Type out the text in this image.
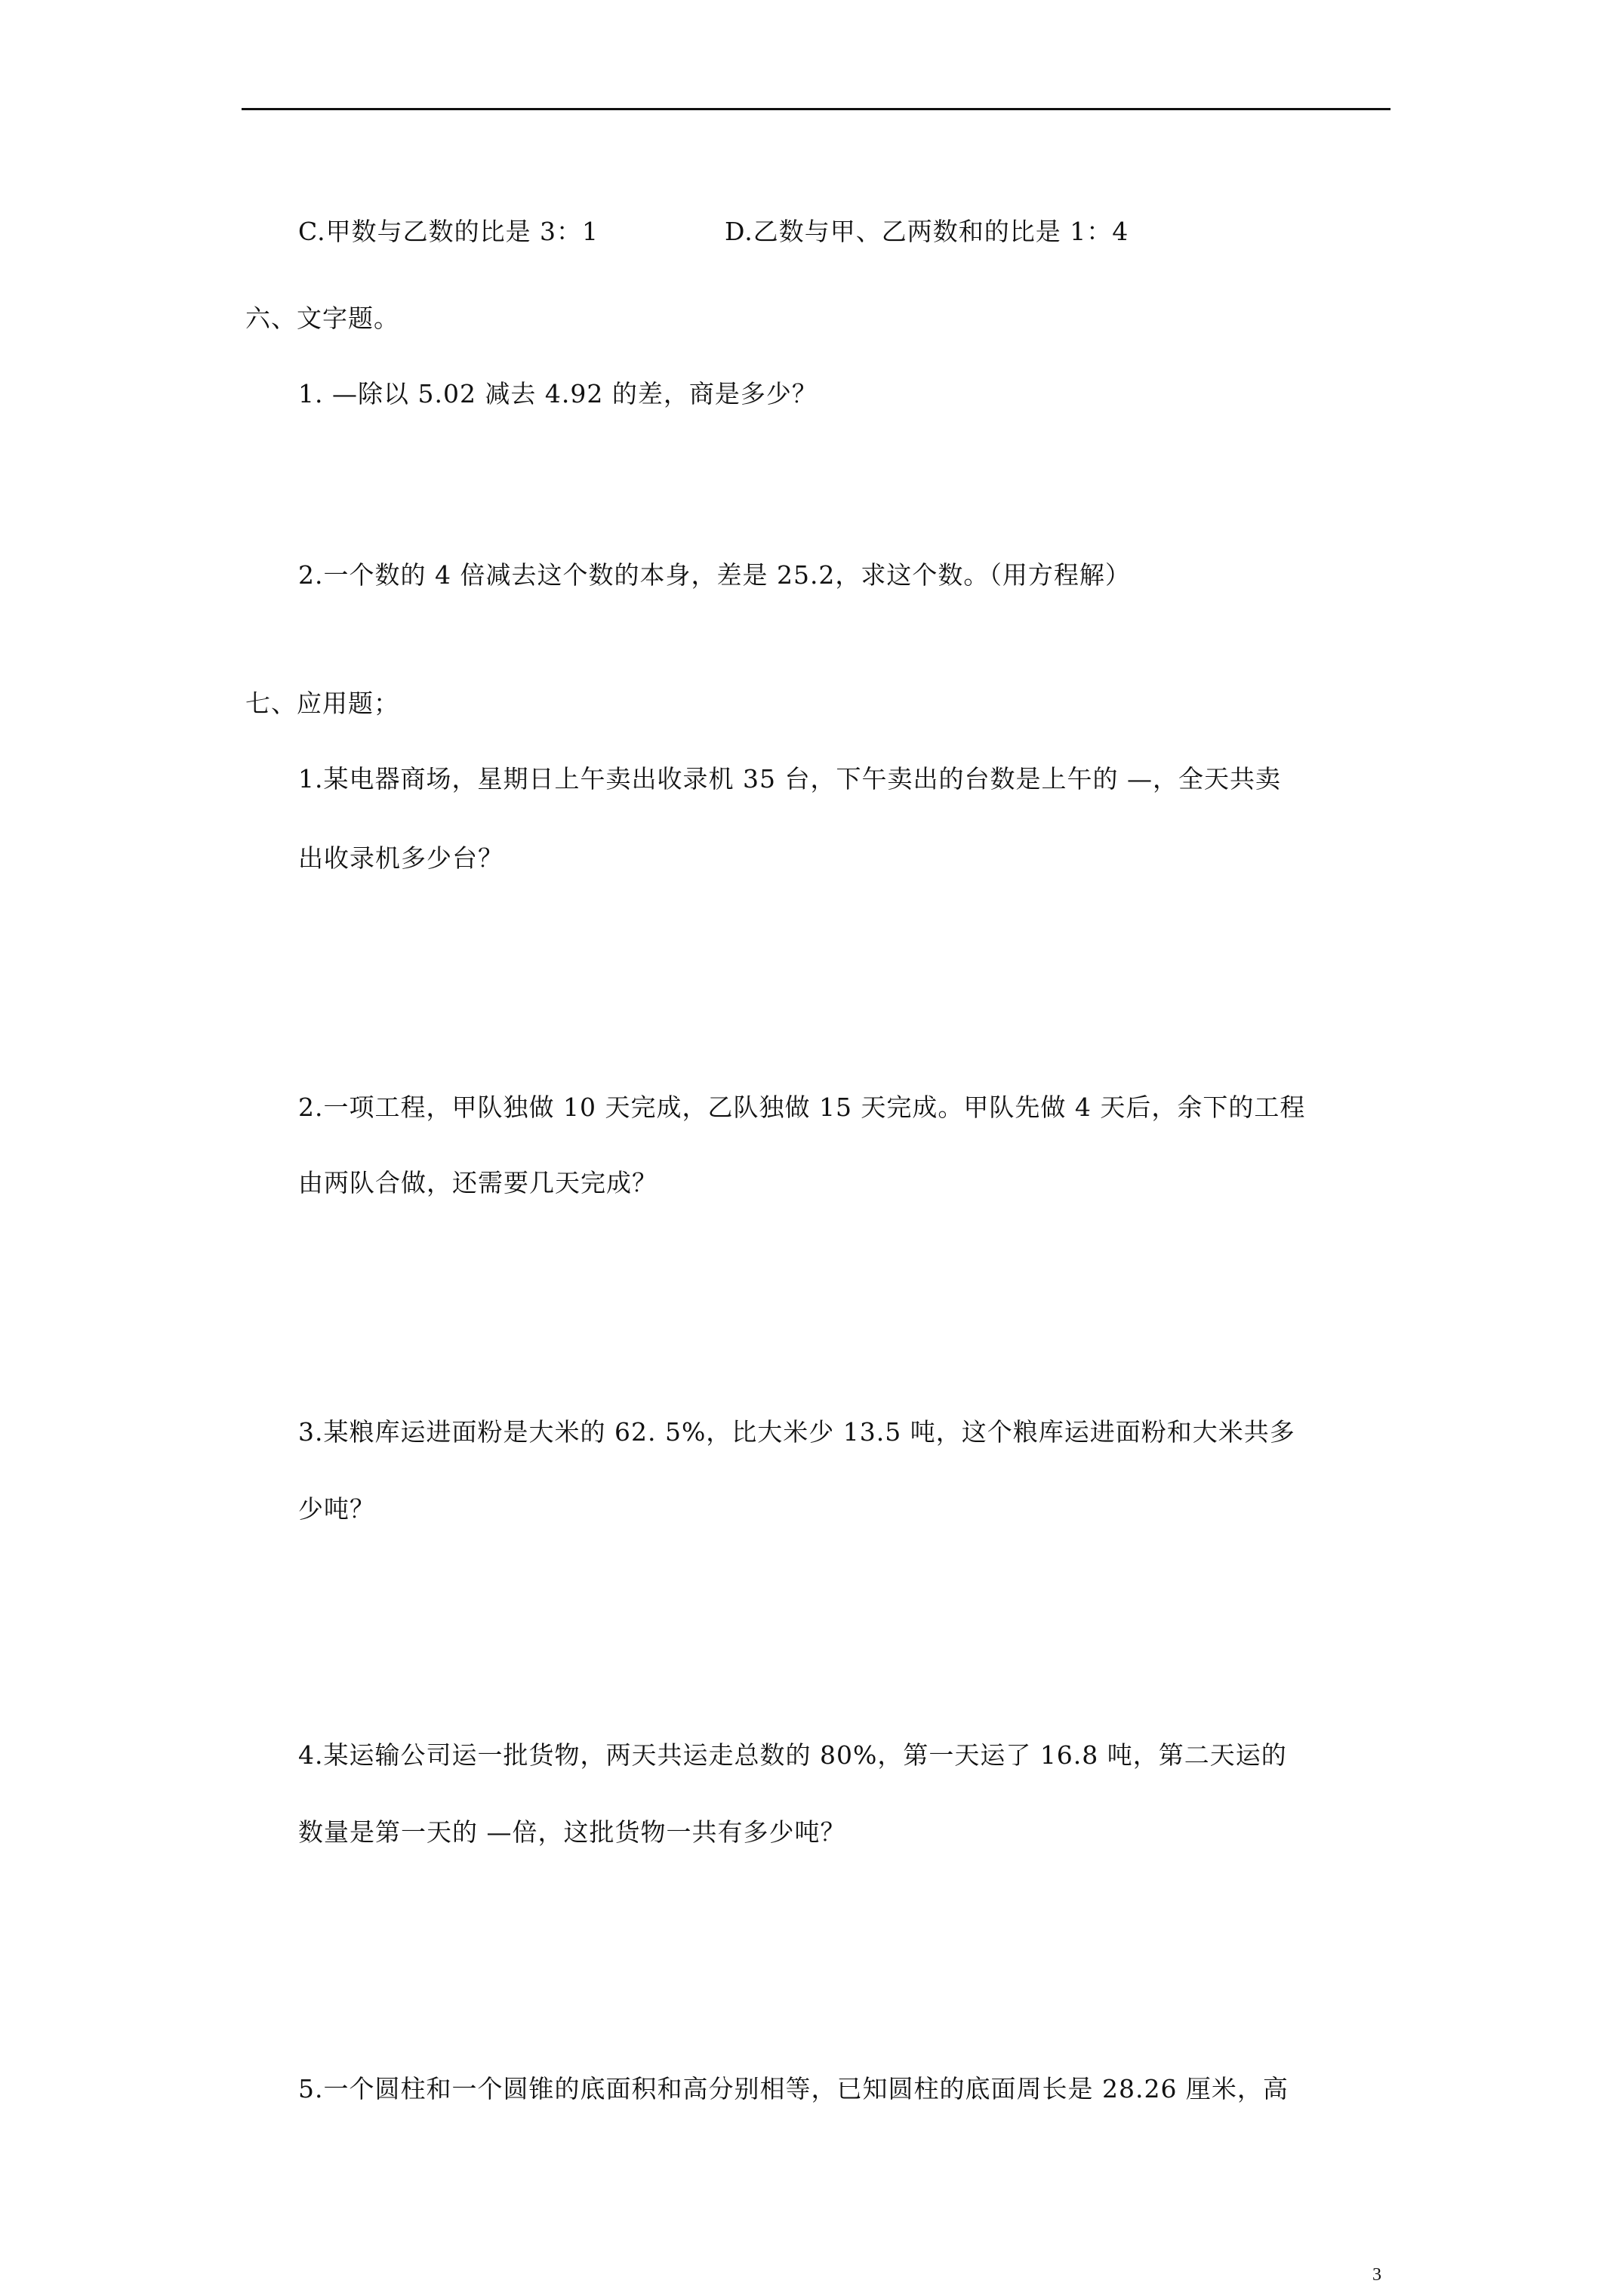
C.甲数与乙数的比是 3：1	D.乙数与甲、乙两数和的比是 1：4
六、文字题。
1. —除以 5.02 减去 4.92 的差，商是多少？
2.一个数的 4 倍减去这个数的本身，差是 25.2，求这个数。（用方程解）
七、应用题；
1.某电器商场，星期日上午卖出收录机 35 台，下午卖出的台数是上午的 —，全天共卖
出收录机多少台？
2.一项工程，甲队独做 10 天完成，乙队独做 15 天完成。甲队先做 4 天后，余下的工程
由两队合做，还需要几天完成？
3.某粮库运进面粉是大米的 62. 5%，比大米少 13.5 吨，这个粮库运进面粉和大米共多
少吨？
4.某运输公司运一批货物，两天共运走总数的 80%，第一天运了 16.8 吨，第二天运的
数量是第一天的 —倍，这批货物一共有多少吨？
5.一个圆柱和一个圆锥的底面积和高分别相等，已知圆柱的底面周长是 28.26 厘米，高
3
